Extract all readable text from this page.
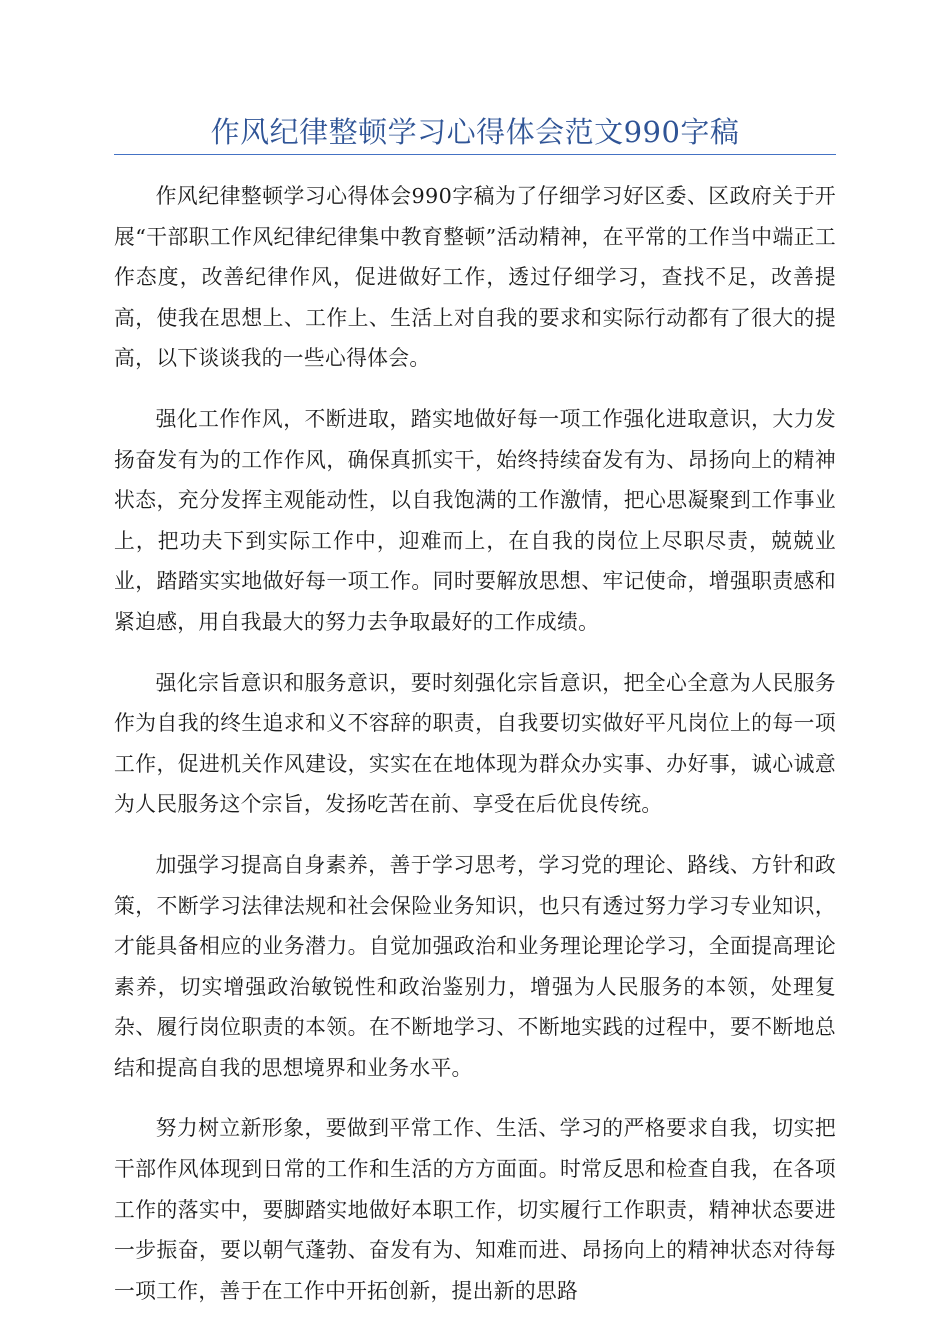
作风纪律整顿学习心得体会范文990字稿

作风纪律整顿学习心得体会990字稿为了仔细学习好区委、区政府关于开展“干部职工作风纪律纪律集中教育整顿”活动精神，在平常的工作当中端正工作态度，改善纪律作风，促进做好工作，透过仔细学习，查找不足，改善提高，使我在思想上、工作上、生活上对自我的要求和实际行动都有了很大的提高，以下谈谈我的一些心得体会。

强化工作作风，不断进取，踏实地做好每一项工作强化进取意识，大力发扬奋发有为的工作作风，确保真抓实干，始终持续奋发有为、昂扬向上的精神状态，充分发挥主观能动性，以自我饱满的工作激情，把心思凝聚到工作事业上，把功夫下到实际工作中，迎难而上，在自我的岗位上尽职尽责，兢兢业业，踏踏实实地做好每一项工作。同时要解放思想、牢记使命，增强职责感和紧迫感，用自我最大的努力去争取最好的工作成绩。

强化宗旨意识和服务意识，要时刻强化宗旨意识，把全心全意为人民服务作为自我的终生追求和义不容辞的职责，自我要切实做好平凡岗位上的每一项工作，促进机关作风建设，实实在在地体现为群众办实事、办好事，诚心诚意为人民服务这个宗旨，发扬吃苦在前、享受在后优良传统。

加强学习提高自身素养，善于学习思考，学习党的理论、路线、方针和政策，不断学习法律法规和社会保险业务知识，也只有透过努力学习专业知识，才能具备相应的业务潜力。自觉加强政治和业务理论理论学习，全面提高理论素养，切实增强政治敏锐性和政治鉴别力，增强为人民服务的本领，处理复杂、履行岗位职责的本领。在不断地学习、不断地实践的过程中，要不断地总结和提高自我的思想境界和业务水平。

努力树立新形象，要做到平常工作、生活、学习的严格要求自我，切实把干部作风体现到日常的工作和生活的方方面面。时常反思和检查自我，在各项工作的落实中，要脚踏实地做好本职工作，切实履行工作职责，精神状态要进一步振奋，要以朝气蓬勃、奋发有为、知难而进、昂扬向上的精神状态对待每一项工作，善于在工作中开拓创新，提出新的思路
